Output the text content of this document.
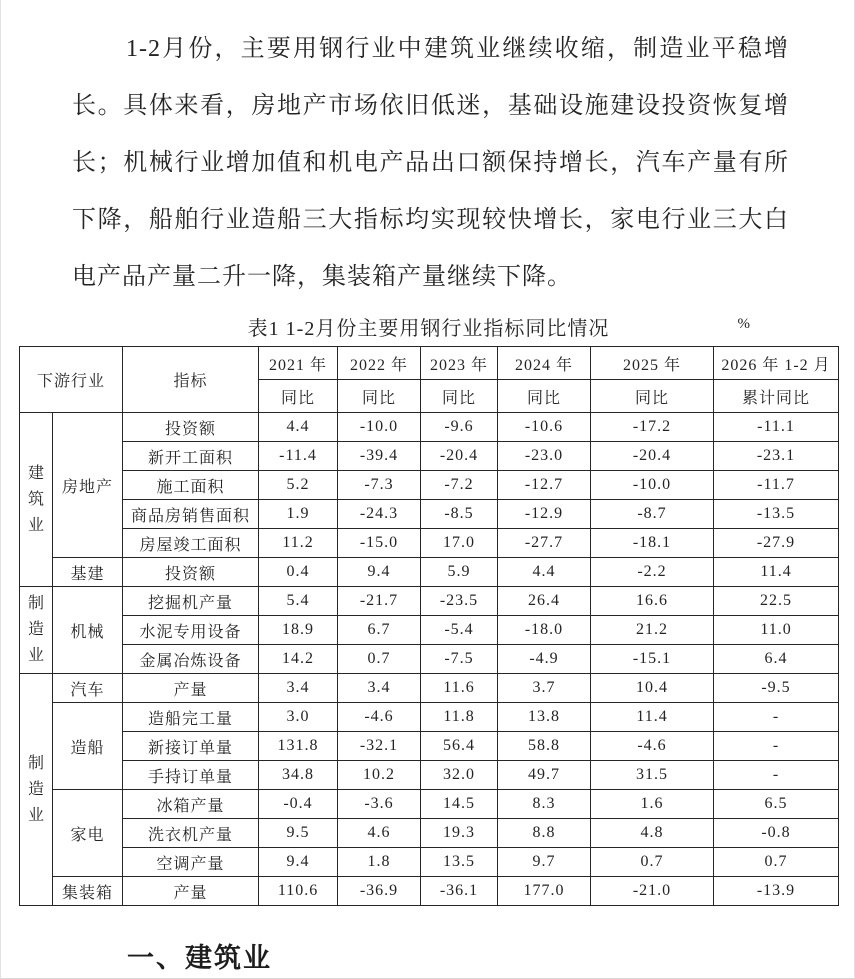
1-2月份，主要用钢行业中建筑业继续收缩，制造业平稳增长。具体来看，房地产市场依旧低迷，基础设施建设投资恢复增长；机械行业增加值和机电产品出口额保持增长，汽车产量有所下降，船舶行业造船三大指标均实现较快增长，家电行业三大白电产品产量二升一降，集装箱产量继续下降。

表1 1-2月份主要用钢行业指标同比情况	%
下游行业		指标	2021 年	2022 年	2023 年	2024 年	2025 年	2026 年 1-2 月
			同比	同比	同比	同比	同比	累计同比

建筑业	房地产	投资额	4.4	-10.0	-9.6	-10.6	-17.2	-11.1
		新开工面积	-11.4	-39.4	-20.4	-23.0	-20.4	-23.1
		施工面积	5.2	-7.3	-7.2	-12.7	-10.0	-11.7
		商品房销售面积	1.9	-24.3	-8.5	-12.9	-8.7	-13.5
		房屋竣工面积	11.2	-15.0	17.0	-27.7	-18.1	-27.9
	基建	投资额	0.4	9.4	5.9	4.4	-2.2	11.4

制造业	机械	挖掘机产量	5.4	-21.7	-23.5	26.4	16.6	22.5
		水泥专用设备	18.9	6.7	-5.4	-18.0	21.2	11.0
		金属冶炼设备	14.2	0.7	-7.5	-4.9	-15.1	6.4

制造业	汽车	产量	3.4	3.4	11.6	3.7	10.4	-9.5
	造船	造船完工量	3.0	-4.6	11.8	13.8	11.4	-
		新接订单量	131.8	-32.1	56.4	58.8	-4.6	-
		手持订单量	34.8	10.2	32.0	49.7	31.5	-
	家电	冰箱产量	-0.4	-3.6	14.5	8.3	1.6	6.5
		洗衣机产量	9.5	4.6	19.3	8.8	4.8	-0.8
		空调产量	9.4	1.8	13.5	9.7	0.7	0.7
	集装箱	产量	110.6	-36.9	-36.1	177.0	-21.0	-13.9
一、建筑业
